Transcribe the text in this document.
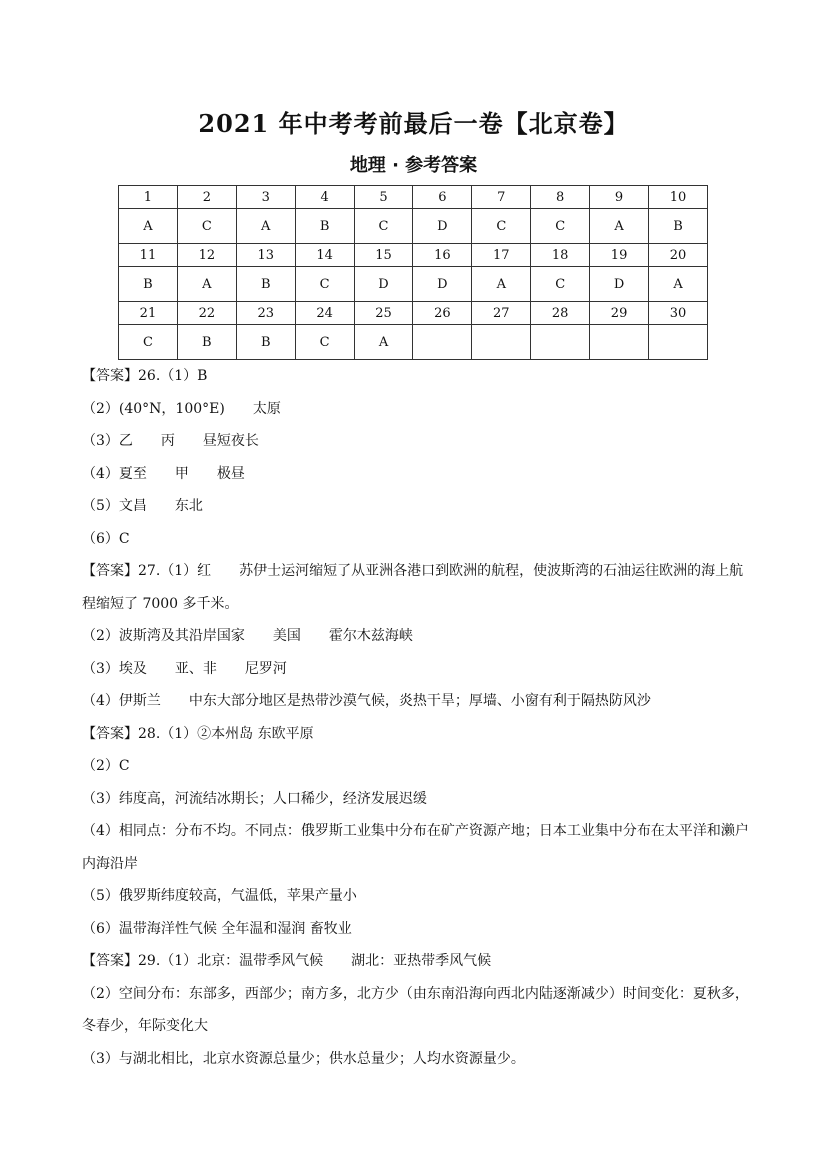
2021 年中考考前最后一卷【北京卷】
地理 · 参考答案
1	2	3	4	5	6	7	8	9	10
A	C	A	B	C	D	C	C	A	B
11	12	13	14	15	16	17	18	19	20
B	A	B	C	D	D	A	C	D	A
21	22	23	24	25	26	27	28	29	30
C	B	B	C	A					
【答案】26.（1）B
（2）(40°N，100°E)　　太原
（3）乙　　丙　　昼短夜长
（4）夏至　　甲　　极昼
（5）文昌　　东北
（6）C
【答案】27.（1）红　　苏伊士运河缩短了从亚洲各港口到欧洲的航程，使波斯湾的石油运往欧洲的海上航程缩短了 7000 多千米。
（2）波斯湾及其沿岸国家　　美国　　霍尔木兹海峡
（3）埃及　　亚、非　　尼罗河
（4）伊斯兰　　中东大部分地区是热带沙漠气候，炎热干旱；厚墙、小窗有利于隔热防风沙
【答案】28.（1）②本州岛 东欧平原
（2）C
（3）纬度高，河流结冰期长；人口稀少，经济发展迟缓
（4）相同点：分布不均。不同点：俄罗斯工业集中分布在矿产资源产地；日本工业集中分布在太平洋和濑户内海沿岸
（5）俄罗斯纬度较高，气温低，苹果产量小
（6）温带海洋性气候 全年温和湿润 畜牧业
【答案】29.（1）北京：温带季风气候　　湖北：亚热带季风气候
（2）空间分布：东部多，西部少；南方多，北方少（由东南沿海向西北内陆逐渐减少）时间变化：夏秋多，冬春少，年际变化大
（3）与湖北相比，北京水资源总量少；供水总量少；人均水资源量少。
